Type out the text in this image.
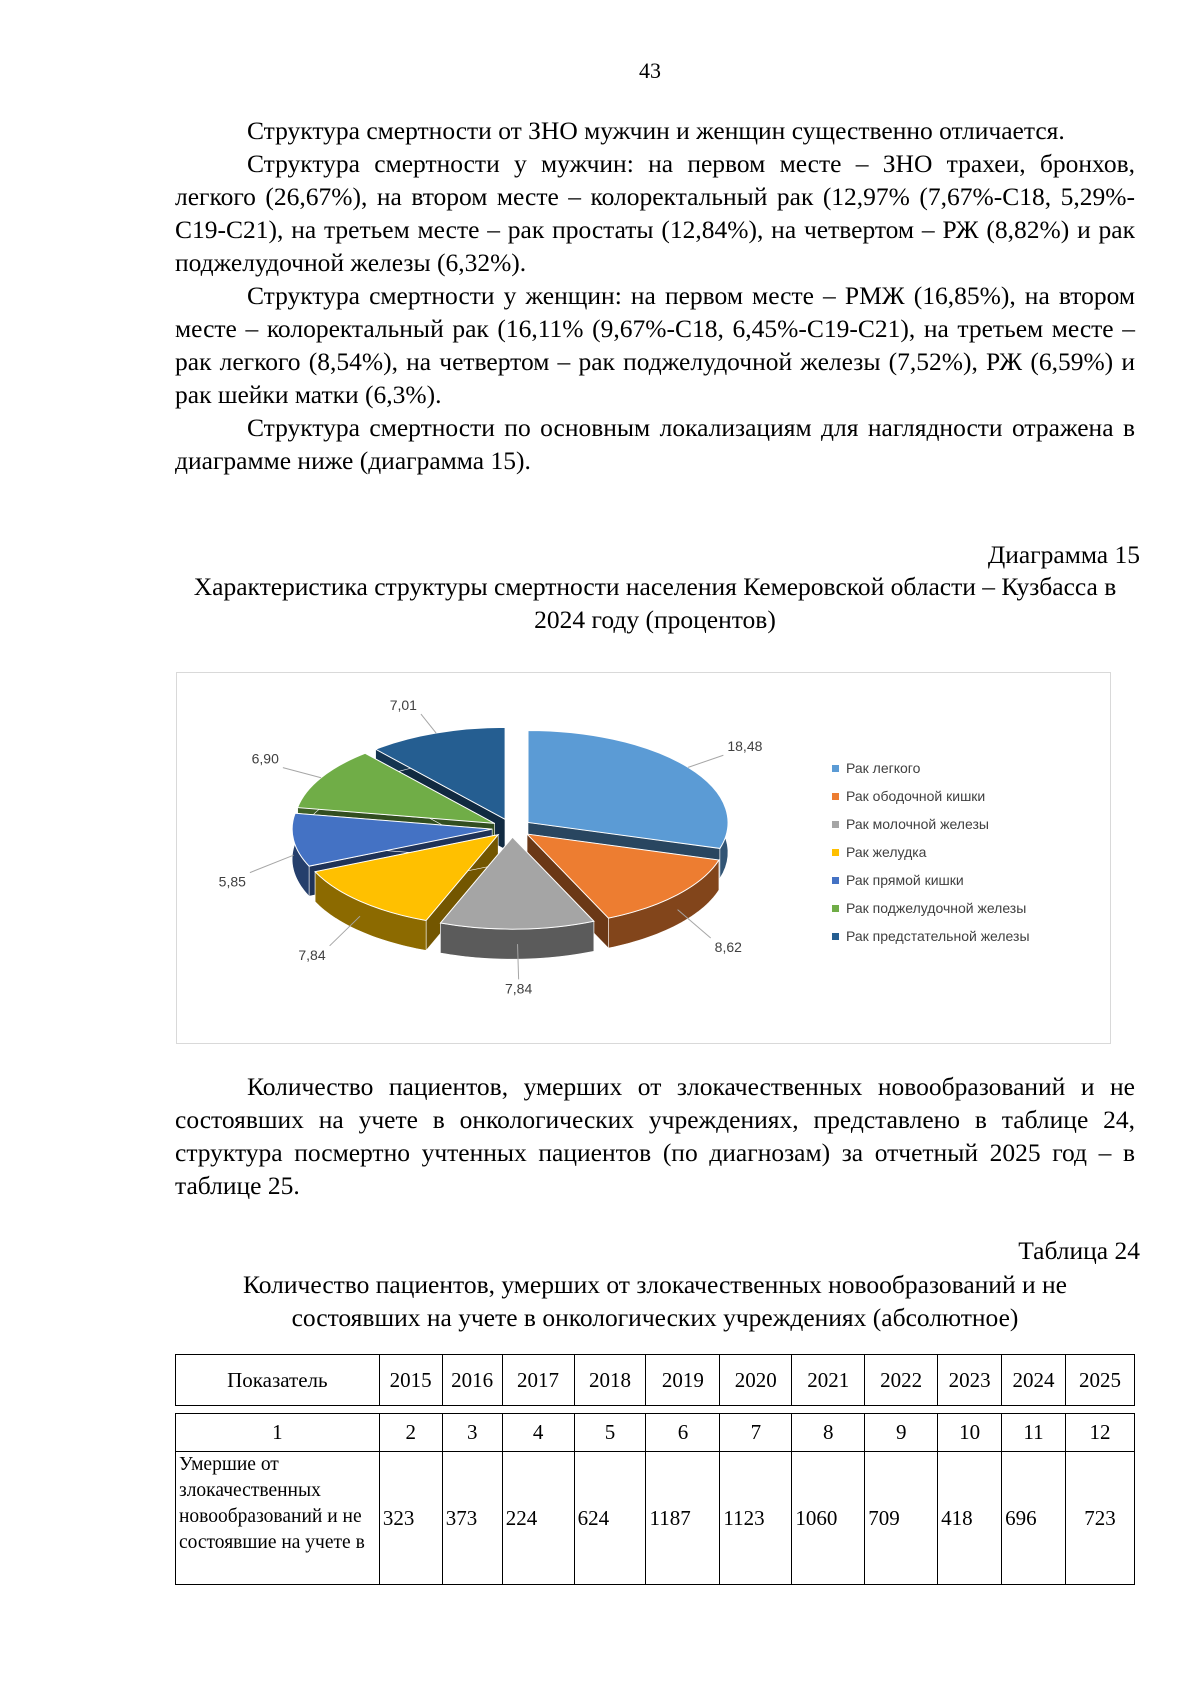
43

Структура смертности от ЗНО мужчин и женщин существенно отличается.

Структура смертности у мужчин: на первом месте – ЗНО трахеи, бронхов, легкого (26,67%), на втором месте – колоректальный рак (12,97% (7,67%-С18, 5,29%-С19-С21), на третьем месте – рак простаты (12,84%), на четвертом – РЖ (8,82%) и рак поджелудочной железы (6,32%).

Структура смертности у женщин: на первом месте – РМЖ (16,85%), на втором месте – колоректальный рак (16,11% (9,67%-С18, 6,45%-С19-С21), на третьем месте – рак легкого (8,54%), на четвертом – рак поджелудочной железы (7,52%), РЖ (6,59%) и рак шейки матки (6,3%).

Структура смертности по основным локализациям для наглядности отражена в диаграмме ниже (диаграмма 15).

Диаграмма 15
Характеристика структуры смертности населения Кемеровской области – Кузбасса в 2024 году (процентов)
18,48
8,62
7,84
7,84
5,85
6,90
7,01
Рак легкого
Рак ободочной кишки
Рак молочной железы
Рак желудка
Рак прямой кишки
Рак поджелудочной железы
Рак предстательной железы

Количество пациентов, умерших от злокачественных новообразований и не состоявших на учете в онкологических учреждениях, представлено в таблице 24, структура посмертно учтенных пациентов (по диагнозам) за отчетный 2025 год – в таблице 25.

Таблица 24
Количество пациентов, умерших от злокачественных новообразований и не состоявших на учете в онкологических учреждениях (абсолютное)
Показатель	2015	2016	2017	2018	2019	2020	2021	2022	2023	2024	2025
1	2	3	4	5	6	7	8	9	10	11	12
Умершие от злокачественных новообразований и не состоявшие на учете в	323	373	224	624	1187	1123	1060	709	418	696	723
